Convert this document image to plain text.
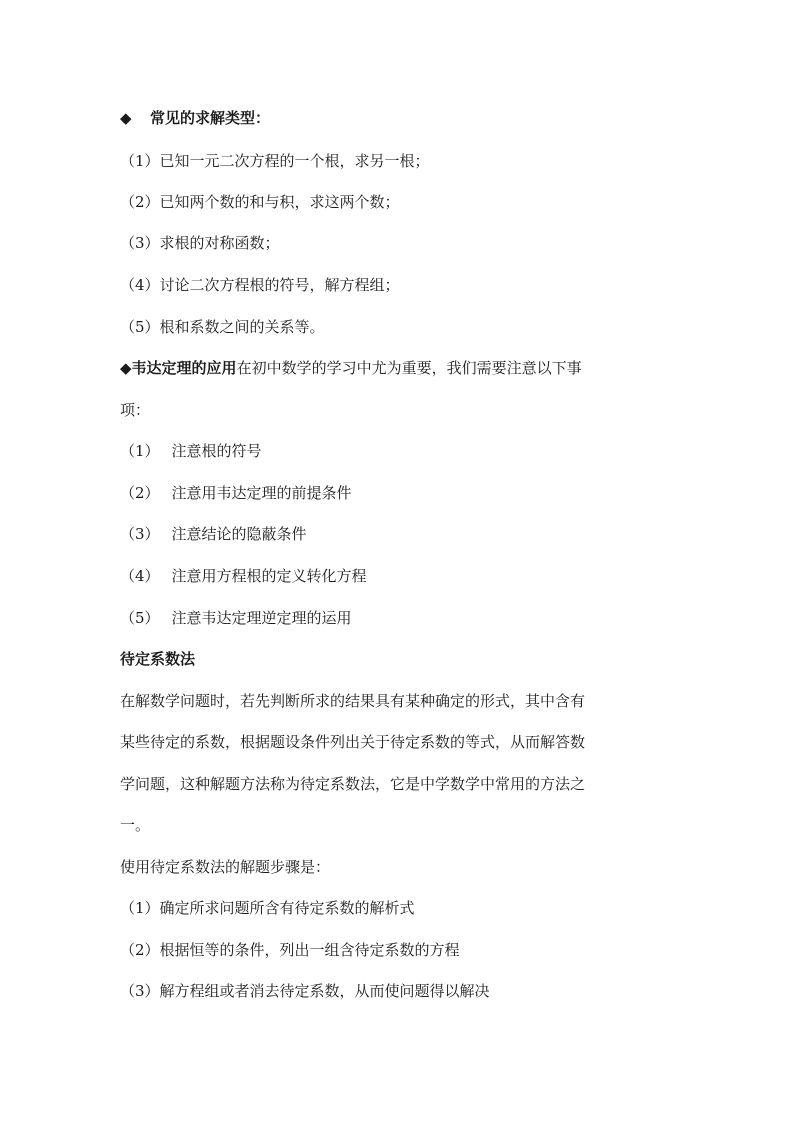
◆ 常见的求解类型：
（1）已知一元二次方程的一个根，求另一根；
（2）已知两个数的和与积，求这两个数；
（3）求根的对称函数；
（4）讨论二次方程根的符号，解方程组；
（5）根和系数之间的关系等。
◆韦达定理的应用在初中数学的学习中尤为重要，我们需要注意以下事
项：
（1） 注意根的符号
（2） 注意用韦达定理的前提条件
（3） 注意结论的隐蔽条件
（4） 注意用方程根的定义转化方程
（5） 注意韦达定理逆定理的运用
待定系数法
在解数学问题时，若先判断所求的结果具有某种确定的形式，其中含有
某些待定的系数，根据题设条件列出关于待定系数的等式，从而解答数
学问题，这种解题方法称为待定系数法，它是中学数学中常用的方法之
一。
使用待定系数法的解题步骤是：
（1）确定所求问题所含有待定系数的解析式
（2）根据恒等的条件，列出一组含待定系数的方程
（3）解方程组或者消去待定系数，从而使问题得以解决
